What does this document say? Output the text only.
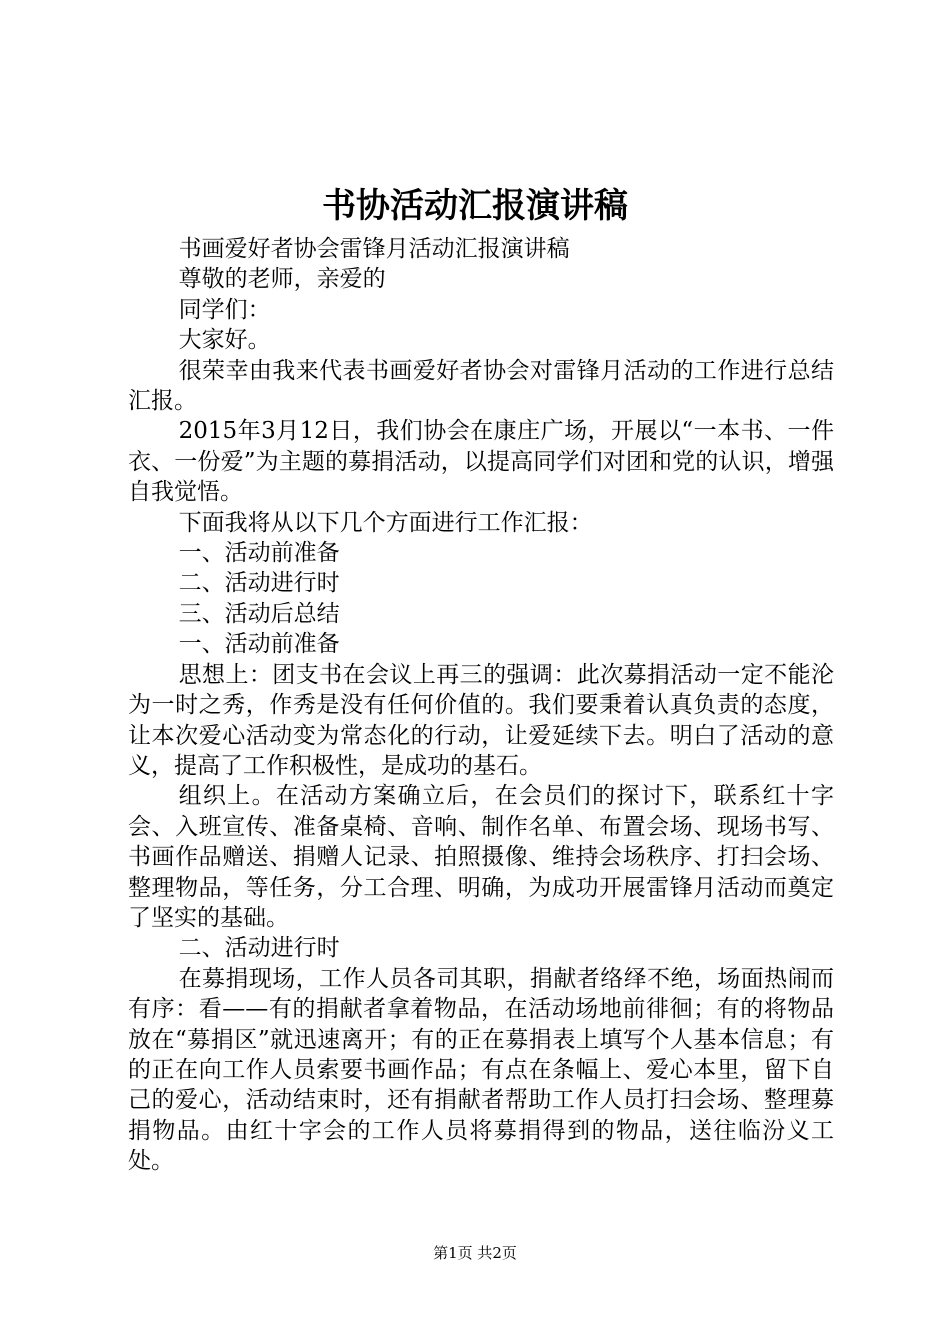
书协活动汇报演讲稿

书画爱好者协会雷锋月活动汇报演讲稿

尊敬的老师，亲爱的

同学们：

大家好。

很荣幸由我来代表书画爱好者协会对雷锋月活动的工作进行总结汇报。

2015年3月12日，我们协会在康庄广场，开展以“一本书、一件衣、一份爱”为主题的募捐活动，以提高同学们对团和党的认识，增强自我觉悟。

下面我将从以下几个方面进行工作汇报：

一、活动前准备

二、活动进行时

三、活动后总结

一、活动前准备

思想上：团支书在会议上再三的强调：此次募捐活动一定不能沦为一时之秀，作秀是没有任何价值的。我们要秉着认真负责的态度，让本次爱心活动变为常态化的行动，让爱延续下去。明白了活动的意义，提高了工作积极性，是成功的基石。

组织上。在活动方案确立后，在会员们的探讨下，联系红十字会、入班宣传、准备桌椅、音响、制作名单、布置会场、现场书写、书画作品赠送、捐赠人记录、拍照摄像、维持会场秩序、打扫会场、整理物品，等任务，分工合理、明确，为成功开展雷锋月活动而奠定了坚实的基础。

二、活动进行时

在募捐现场，工作人员各司其职，捐献者络绎不绝，场面热闹而有序：看——有的捐献者拿着物品，在活动场地前徘徊；有的将物品放在“募捐区”就迅速离开；有的正在募捐表上填写个人基本信息；有的正在向工作人员索要书画作品；有点在条幅上、爱心本里，留下自己的爱心，活动结束时，还有捐献者帮助工作人员打扫会场、整理募捐物品。由红十字会的工作人员将募捐得到的物品，送往临汾义工处。

第1页 共2页
